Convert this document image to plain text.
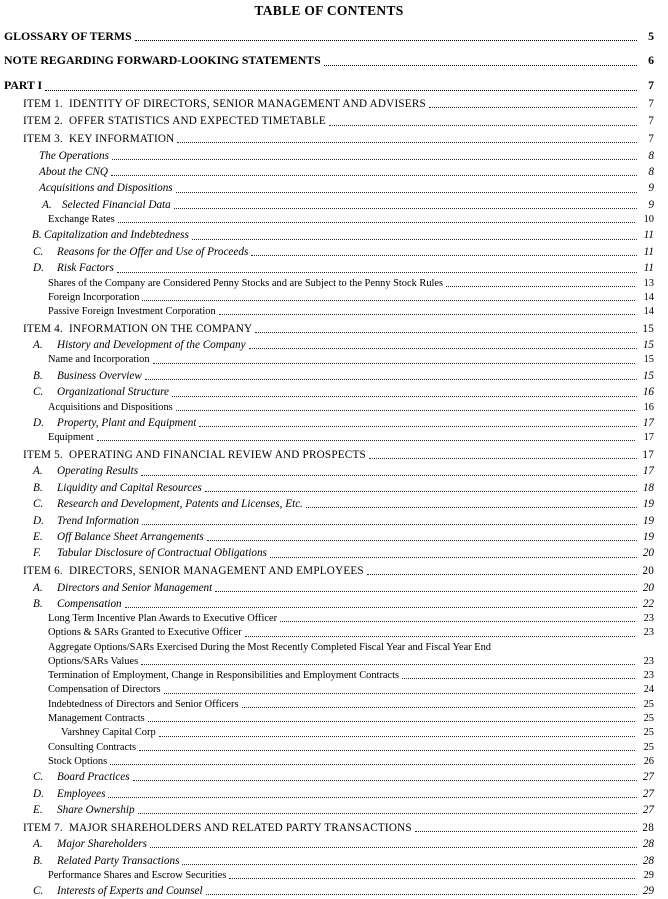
TABLE OF CONTENTS
GLOSSARY OF TERMS	5
NOTE REGARDING FORWARD-LOOKING STATEMENTS	6
PART I	7
ITEM 1. IDENTITY OF DIRECTORS, SENIOR MANAGEMENT AND ADVISERS	7
ITEM 2. OFFER STATISTICS AND EXPECTED TIMETABLE	7
ITEM 3. KEY INFORMATION	7
The Operations	8
About the CNQ	8
Acquisitions and Dispositions	9
A. Selected Financial Data	9
Exchange Rates	10
B. Capitalization and Indebtedness	11
C.	Reasons for the Offer and Use of Proceeds	11
D.	Risk Factors	11
Shares of the Company are Considered Penny Stocks and are Subject to the Penny Stock Rules	13
Foreign Incorporation	14
Passive Foreign Investment Corporation	14
ITEM 4. INFORMATION ON THE COMPANY	15
A.	History and Development of the Company	15
Name and Incorporation	15
B.	Business Overview	15
C.	Organizational Structure	16
Acquisitions and Dispositions	16
D.	Property, Plant and Equipment	17
Equipment	17
ITEM 5. OPERATING AND FINANCIAL REVIEW AND PROSPECTS	17
A.	Operating Results	17
B.	Liquidity and Capital Resources	18
C.	Research and Development, Patents and Licenses, Etc.	19
D.	Trend Information	19
E.	Off Balance Sheet Arrangements	19
F.	Tabular Disclosure of Contractual Obligations	20
ITEM 6. DIRECTORS, SENIOR MANAGEMENT AND EMPLOYEES	20
A.	Directors and Senior Management	20
B.	Compensation	22
Long Term Incentive Plan Awards to Executive Officer	23
Options & SARs Granted to Executive Officer	23
Aggregate Options/SARs Exercised During the Most Recently Completed Fiscal Year and Fiscal Year End
Options/SARs Values	23
Termination of Employment, Change in Responsibilities and Employment Contracts	23
Compensation of Directors	24
Indebtedness of Directors and Senior Officers	25
Management Contracts	25
Varshney Capital Corp	25
Consulting Contracts	25
Stock Options	26
C.	Board Practices	27
D.	Employees	27
E.	Share Ownership	27
ITEM 7. MAJOR SHAREHOLDERS AND RELATED PARTY TRANSACTIONS	28
A.	Major Shareholders	28
B.	Related Party Transactions	28
Performance Shares and Escrow Securities	29
C.	Interests of Experts and Counsel	29
